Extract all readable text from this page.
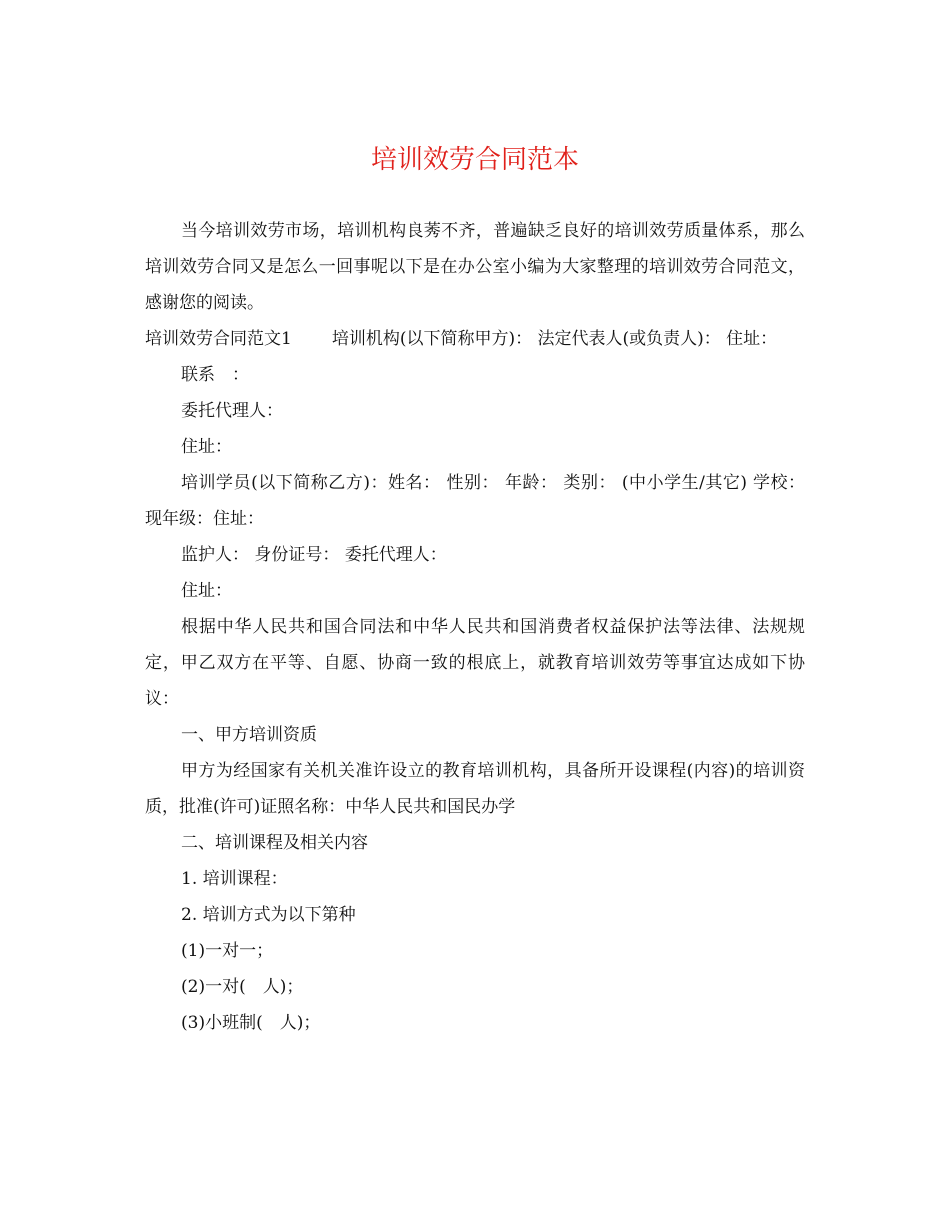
培训效劳合同范本

当今培训效劳市场，培训机构良莠不齐，普遍缺乏良好的培训效劳质量体系，那么培训效劳合同又是怎么一回事呢以下是在办公室小编为大家整理的培训效劳合同范文，感谢您的阅读。

培训效劳合同范文1 培训机构(以下简称甲方)： 法定代表人(或负责人)： 住址：

联系　：

委托代理人：

住址：

培训学员(以下简称乙方)：姓名： 性别： 年龄： 类别： (中小学生/其它) 学校： 现年级：住址：

监护人： 身份证号： 委托代理人：

住址：

根据中华人民共和国合同法和中华人民共和国消费者权益保护法等法律、法规规定，甲乙双方在平等、自愿、协商一致的根底上，就教育培训效劳等事宜达成如下协议：

一、甲方培训资质

甲方为经国家有关机关准许设立的教育培训机构，具备所开设课程(内容)的培训资质，批准(许可)证照名称：中华人民共和国民办学

二、培训课程及相关内容

1. 培训课程：

2. 培训方式为以下第种

(1)一对一；

(2)一对(　人)；

(3)小班制(　人)；
